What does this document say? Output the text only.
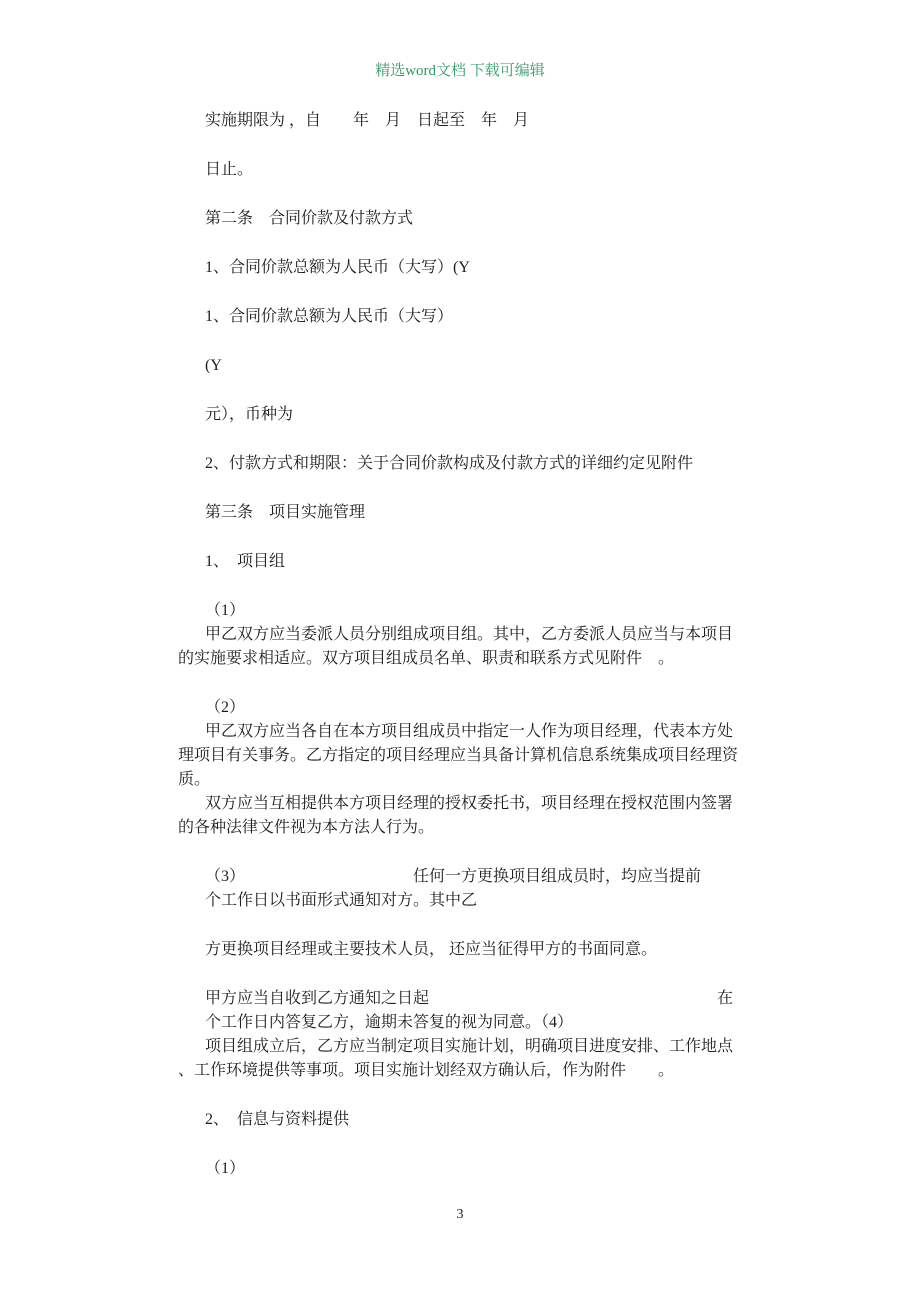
精选word文档 下载可编辑

实施期限为 ，自　　年　月　日起至　年　月

日止。

第二条　合同价款及付款方式

1、合同价款总额为人民币（大写）(Y

1、合同价款总额为人民币（大写）

(Y

元），币种为

2、付款方式和期限：关于合同价款构成及付款方式的详细约定见附件

第三条　项目实施管理

1、　项目组

（1）

甲乙双方应当委派人员分别组成项目组。其中，乙方委派人员应当与本项目

的实施要求相适应。双方项目组成员名单、职责和联系方式见附件　。

（2）

甲乙双方应当各自在本方项目组成员中指定一人作为项目经理，代表本方处

理项目有关事务。乙方指定的项目经理应当具备计算机信息系统集成项目经理资

质。

双方应当互相提供本方项目经理的授权委托书，项目经理在授权范围内签署

的各种法律文件视为本方法人行为。

（3）　　　　　　　　　　　任何一方更换项目组成员时，均应当提前

个工作日以书面形式通知对方。其中乙

方更换项目经理或主要技术人员， 还应当征得甲方的书面同意。

甲方应当自收到乙方通知之日起　　　　　　　　　　　　　　　　　　在

个工作日内答复乙方，逾期未答复的视为同意。（4）

项目组成立后，乙方应当制定项目实施计划，明确项目进度安排、工作地点

、工作环境提供等事项。项目实施计划经双方确认后，作为附件　　。

2、　信息与资料提供

（1）

3
